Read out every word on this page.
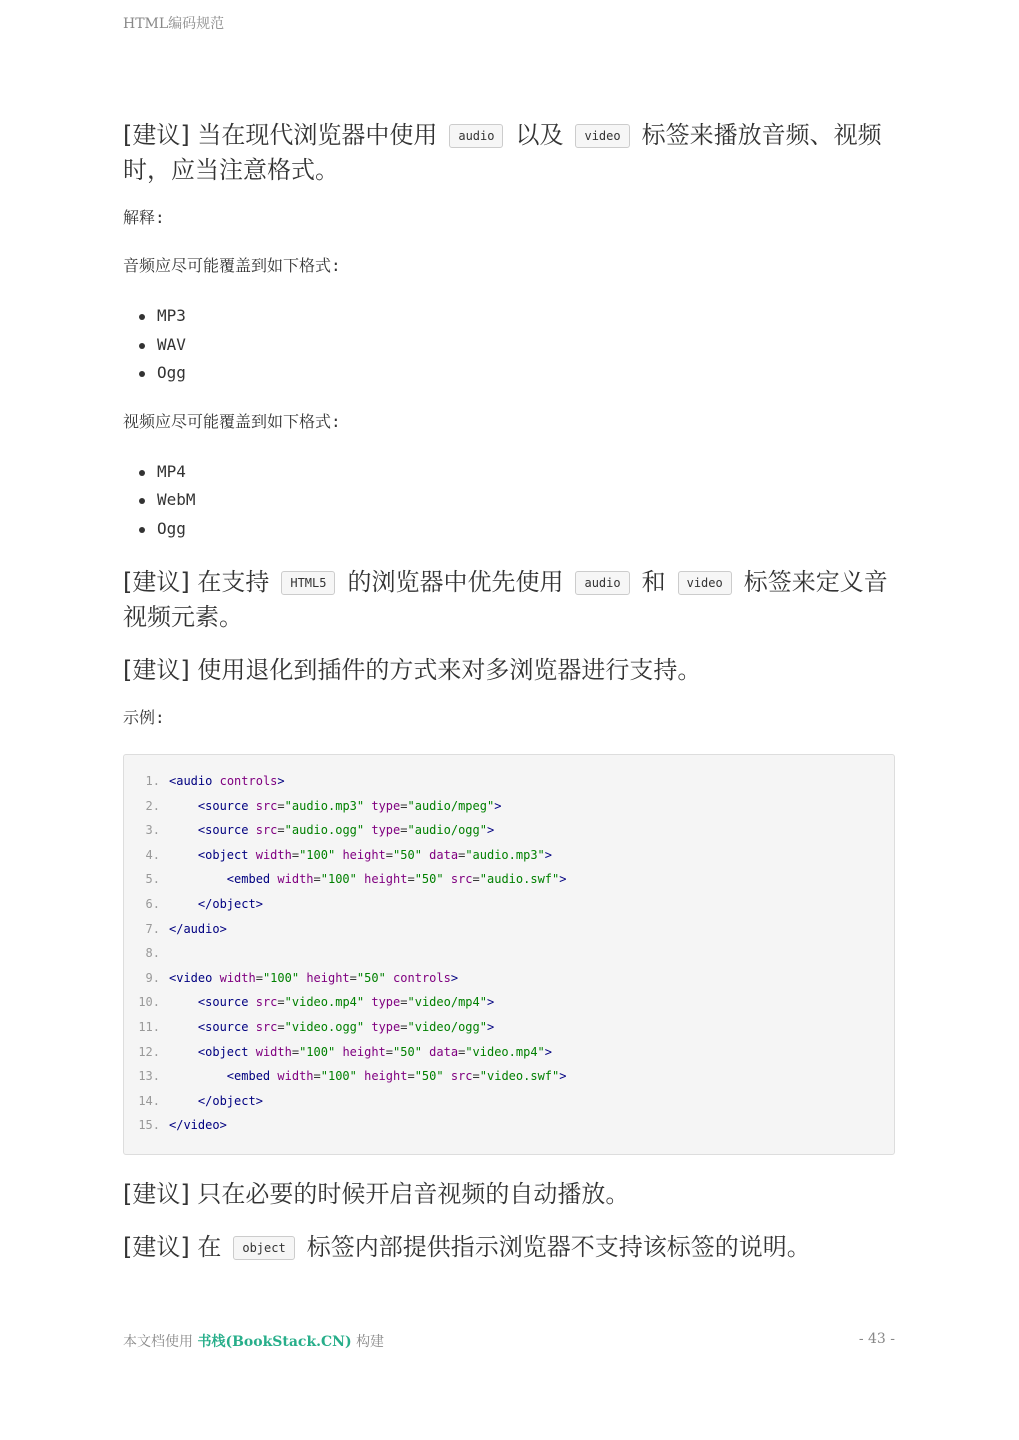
HTML编码规范
[建议] 当在现代浏览器中使用 audio 以及 video 标签来播放音频、视频时，应当注意格式。

解释:

音频应尽可能覆盖到如下格式:

MP3
WAV
Ogg

视频应尽可能覆盖到如下格式:

MP4
WebM
Ogg
[建议] 在支持 HTML5 的浏览器中优先使用 audio 和 video 标签来定义音视频元素。
[建议] 使用退化到插件的方式来对多浏览器进行支持。

示例:

1. <audio controls>
2.	<source src="audio.mp3" type="audio/mpeg">
3.	<source src="audio.ogg" type="audio/ogg">
4.	<object width="100" height="50" data="audio.mp3">
5.	<embed width="100" height="50" src="audio.swf">
6.	</object>
7. </audio>
8.
9. <video width="100" height="50" controls>
10.	<source src="video.mp4" type="video/mp4">
11.	<source src="video.ogg" type="video/ogg">
12.	<object width="100" height="50" data="video.mp4">
13.	<embed width="100" height="50" src="video.swf">
14.	</object>
15. </video>
[建议] 只在必要的时候开启音视频的自动播放。
[建议] 在 object 标签内部提供指示浏览器不支持该标签的说明。
本文档使用 书栈(BookStack.CN) 构建	- 43 -
